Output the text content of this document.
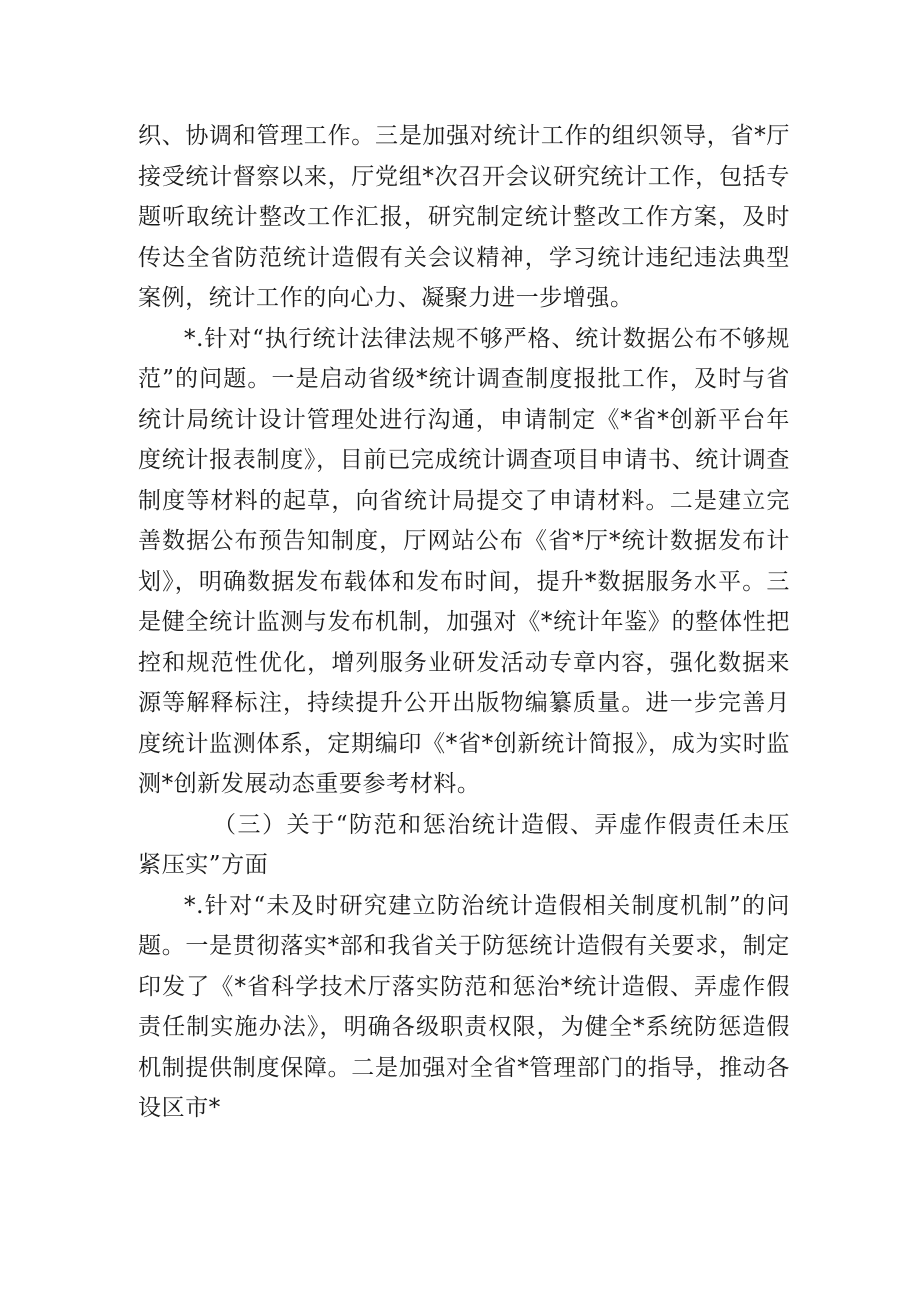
织、协调和管理工作。三是加强对统计工作的组织领导，省*厅接受统计督察以来，厅党组*次召开会议研究统计工作，包括专题听取统计整改工作汇报，研究制定统计整改工作方案，及时传达全省防范统计造假有关会议精神，学习统计违纪违法典型案例，统计工作的向心力、凝聚力进一步增强。

*.针对“执行统计法律法规不够严格、统计数据公布不够规范”的问题。一是启动省级*统计调查制度报批工作，及时与省统计局统计设计管理处进行沟通，申请制定《*省*创新平台年度统计报表制度》，目前已完成统计调查项目申请书、统计调查制度等材料的起草，向省统计局提交了申请材料。二是建立完善数据公布预告知制度，厅网站公布《省*厅*统计数据发布计划》，明确数据发布载体和发布时间，提升*数据服务水平。三是健全统计监测与发布机制，加强对《*统计年鉴》的整体性把控和规范性优化，增列服务业研发活动专章内容，强化数据来源等解释标注，持续提升公开出版物编纂质量。进一步完善月度统计监测体系，定期编印《*省*创新统计简报》，成为实时监测*创新发展动态重要参考材料。

（三）关于“防范和惩治统计造假、弄虚作假责任未压紧压实”方面

*.针对“未及时研究建立防治统计造假相关制度机制”的问题。一是贯彻落实*部和我省关于防惩统计造假有关要求，制定印发了《*省科学技术厅落实防范和惩治*统计造假、弄虚作假责任制实施办法》，明确各级职责权限，为健全*系统防惩造假机制提供制度保障。二是加强对全省*管理部门的指导，推动各设区市*
